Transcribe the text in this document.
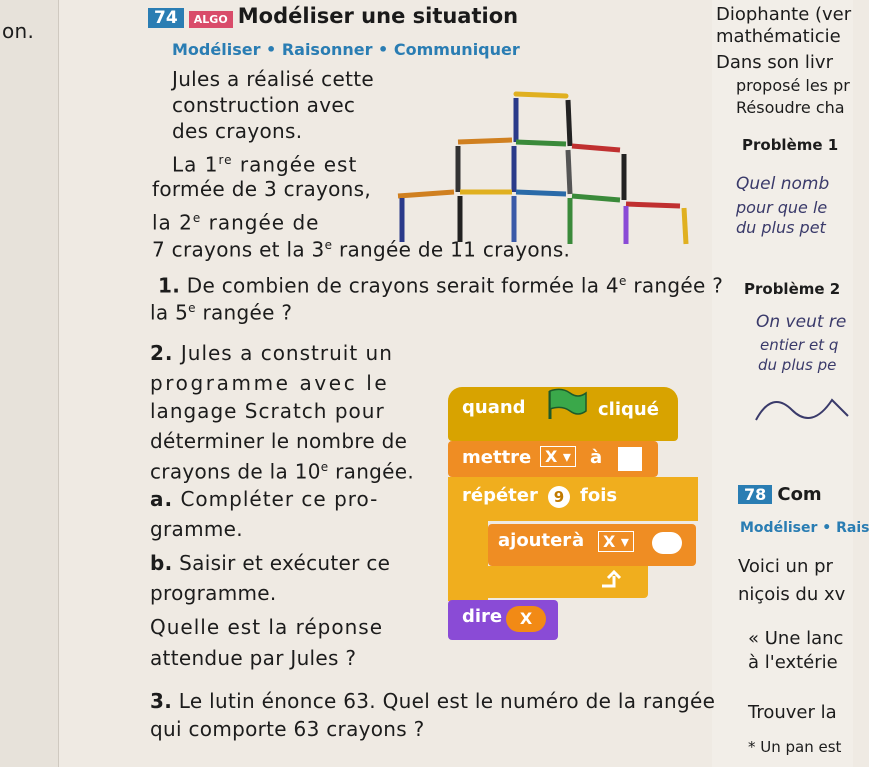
on.
74 ALGO Modéliser une situation
Modéliser • Raisonner • Communiquer
Jules a réalisé cette
construction avec
des crayons.
La 1re rangée est
formée de 3 crayons,
la 2e rangée de
7 crayons et la 3e rangée de 11 crayons.
1. De combien de crayons serait formée la 4e rangée ?
la 5e rangée ?
2. Jules a construit un
programme avec le
langage Scratch pour
déterminer le nombre de
crayons de la 10e rangée.
a. Compléter ce pro-
gramme.
b. Saisir et exécuter ce
programme.
Quelle est la réponse
attendue par Jules ?
quand	cliqué
mettre X ▾ à
répéter	9 fois
ajouter à	X ▾
dire	X
3. Le lutin énonce 63. Quel est le numéro de la rangée
qui comporte 63 crayons ?
Diophante (ver
mathématicie
Dans son livr
proposé les pr
Résoudre cha
Problème 1
Quel nomb
pour que le
du plus pet
Problème 2
On veut re
entier et q
du plus pe
78 Com
Modéliser • Rais
Voici un pr
niçois du xv
« Une lanc
à l'extérie
Trouver la
* Un pan est
